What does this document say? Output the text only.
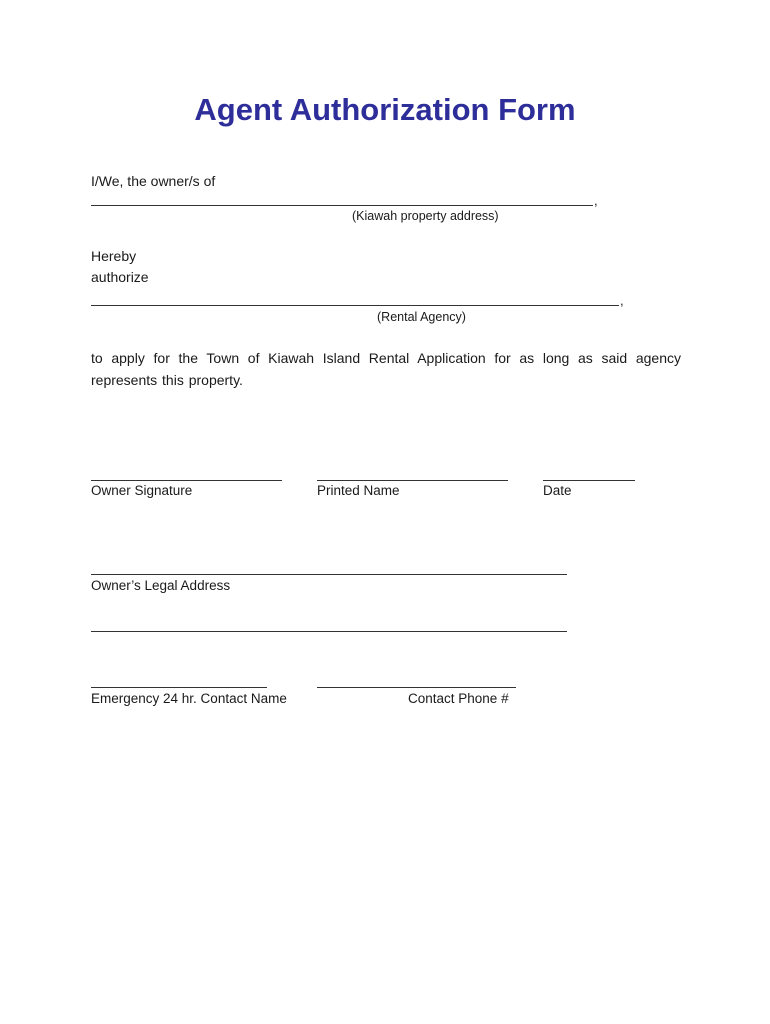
Agent Authorization Form
I/We, the owner/s of
,
(Kiawah property address)
Hereby
authorize
,
(Rental Agency)
to apply for the Town of Kiawah Island Rental Application for as long as said agency represents this property.
Owner Signature	Printed Name	Date
Owner’s Legal Address
Emergency 24 hr. Contact Name	Contact Phone #
